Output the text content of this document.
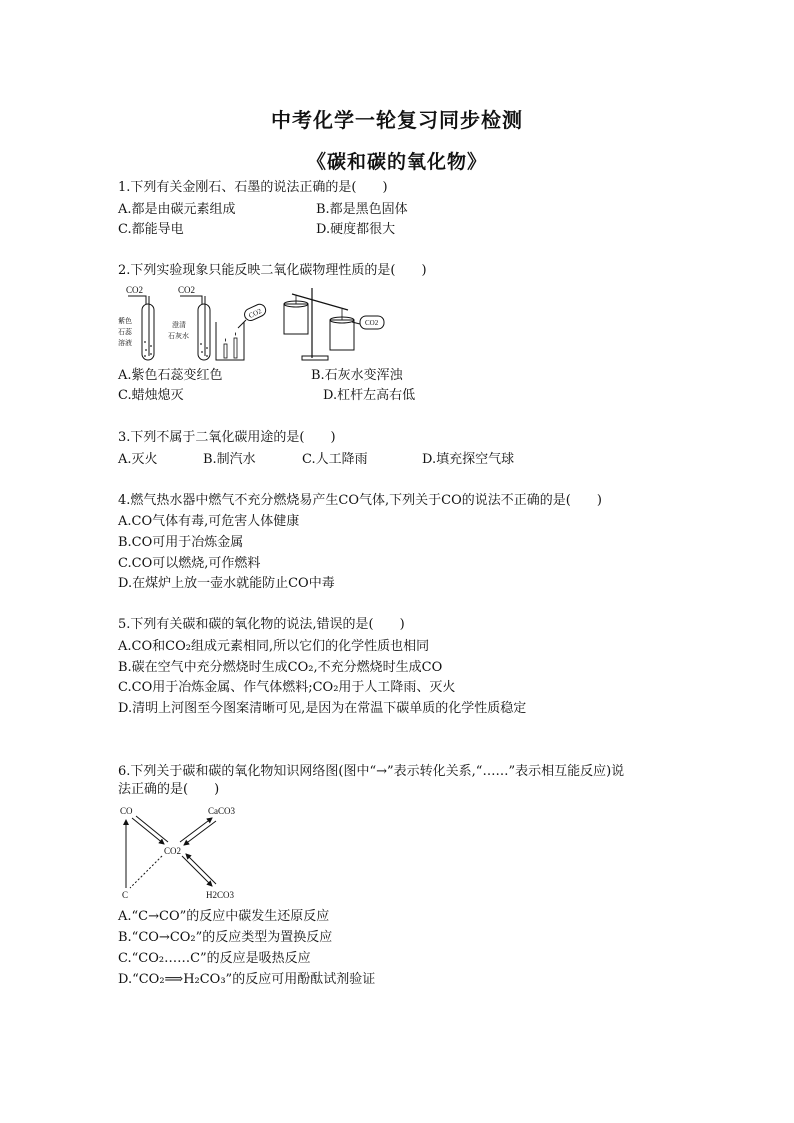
中考化学一轮复习同步检测
《碳和碳的氧化物》
1.下列有关金刚石、石墨的说法正确的是(　　)
A.都是由碳元素组成	B.都是黑色固体
C.都能导电	D.硬度都很大
2.下列实验现象只能反映二氧化碳物理性质的是(　　)
CO2
紫色
石蕊
溶液
CO2
澄清
石灰水
CO2
CO2
A.紫色石蕊变红色	B.石灰水变浑浊
C.蜡烛熄灭	D.杠杆左高右低
3.下列不属于二氧化碳用途的是(　　)
A.灭火	B.制汽水	C.人工降雨	D.填充探空气球
4.燃气热水器中燃气不充分燃烧易产生CO气体,下列关于CO的说法不正确的是(　　)
A.CO气体有毒,可危害人体健康
B.CO可用于冶炼金属
C.CO可以燃烧,可作燃料
D.在煤炉上放一壶水就能防止CO中毒
5.下列有关碳和碳的氧化物的说法,错误的是(　　)
A.CO和CO₂组成元素相同,所以它们的化学性质也相同
B.碳在空气中充分燃烧时生成CO₂,不充分燃烧时生成CO
C.CO用于冶炼金属、作气体燃料;CO₂用于人工降雨、灭火
D.清明上河图至今图案清晰可见,是因为在常温下碳单质的化学性质稳定
6.下列关于碳和碳的氧化物知识网络图(图中“→”表示转化关系,“……”表示相互能反应)说
法正确的是(　　)
CO	CaCO3
CO2
C	H2CO3
A.“C→CO”的反应中碳发生还原反应
B.“CO→CO₂”的反应类型为置换反应
C.“CO₂……C”的反应是吸热反应
D.“CO₂⟹H₂CO₃”的反应可用酚酞试剂验证
